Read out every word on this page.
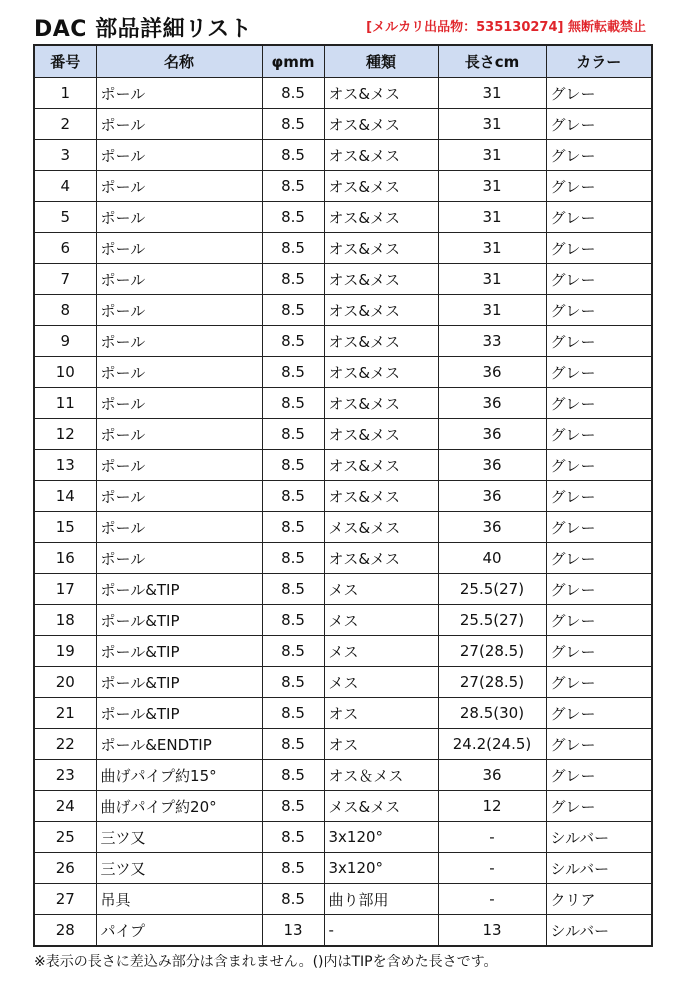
DAC 部品詳細リスト	[メルカリ出品物：535130274] 無断転載禁止
番号	名称	φmm	種類	長さcm	カラー
1	ポール	8.5	オス&メス	31	グレー
2	ポール	8.5	オス&メス	31	グレー
3	ポール	8.5	オス&メス	31	グレー
4	ポール	8.5	オス&メス	31	グレー
5	ポール	8.5	オス&メス	31	グレー
6	ポール	8.5	オス&メス	31	グレー
7	ポール	8.5	オス&メス	31	グレー
8	ポール	8.5	オス&メス	31	グレー
9	ポール	8.5	オス&メス	33	グレー
10	ポール	8.5	オス&メス	36	グレー
11	ポール	8.5	オス&メス	36	グレー
12	ポール	8.5	オス&メス	36	グレー
13	ポール	8.5	オス&メス	36	グレー
14	ポール	8.5	オス&メス	36	グレー
15	ポール	8.5	メス&メス	36	グレー
16	ポール	8.5	オス&メス	40	グレー
17	ポール&TIP	8.5	メス	25.5(27)	グレー
18	ポール&TIP	8.5	メス	25.5(27)	グレー
19	ポール&TIP	8.5	メス	27(28.5)	グレー
20	ポール&TIP	8.5	メス	27(28.5)	グレー
21	ポール&TIP	8.5	オス	28.5(30)	グレー
22	ポール&ENDTIP	8.5	オス	24.2(24.5)	グレー
23	曲げパイプ約15°	8.5	オス＆メス	36	グレー
24	曲げパイプ約20°	8.5	メス&メス	12	グレー
25	三ツ又	8.5	3x120°	-	シルバー
26	三ツ又	8.5	3x120°	-	シルバー
27	吊具	8.5	曲り部用	-	クリア
28	パイプ	13	-	13	シルバー
※表示の長さに差込み部分は含まれません。()内はTIPを含めた長さです。
